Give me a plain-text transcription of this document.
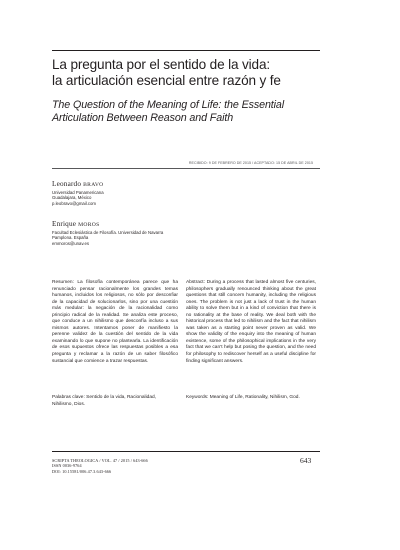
La pregunta por el sentido de la vida:
la articulación esencial entre razón y fe
The Question of the Meaning of Life: the Essential
Articulation Between Reason and Faith
RECIBIDO: 9 DE FEBRERO DE 2015 / ACEPTADO: 15 DE ABRIL DE 2015
Leonardo BRAVO
Universidad Panamericana
Guadalajara, México
p.leobravo@gmail.com
Enrique MOROS
Facultad Eclesiástica de Filosofía. Universidad de Navarra
Pamplona. España
emmoros@unav.es

Resumen: La filosofía contemporánea parece que ha renunciado pensar racionalmente los grandes temas humanos, incluidos los religiosos, no sólo por desconfiar de la capacidad de solucionarlos, sino por una cuestión más medular: la negación de la racionalidad como principio radical de la realidad. Se analiza este proceso, que conduce a un nihilismo que desconfía incluso a sus mismos autores. Intentamos poner de manifiesto la perenne validez de la cuestión del sentido de la vida examinando lo que supone no plantearla. La identificación de esos supuestos ofrece las respuestas posibles a esa pregunta y reclamar a la razón de un saber filosófico sustancial que comience a trazar respuestas.

Abstract: During a process that lasted almost five centuries, philosophers gradually renounced thinking about the great questions that still concern humanity, including the religious ones. The problem is not just a lack of trust in the human ability to solve them but in a kind of conviction that there is no rationality at the base of reality. We deal both with the historical process that led to nihilism and the fact that nihilism was taken as a starting point never proven as valid. We show the validity of the enquiry into the meaning of human existence, some of the philosophical implications in the very fact that we can’t help but posing the question, and the need for philosophy to rediscover herself as a useful discipline for finding significant answers.

Palabras clave: Sentido de la vida, Racionalidad, Nihilismo, Dios.
Keywords: Meaning of Life, Rationality, Nihilism, God.
SCRIPTA THEOLOGICA / VOL. 47 / 2015 / 643-666
ISSN 0036-9764
DOI: 10.15581/006.47.3.643-666
643
